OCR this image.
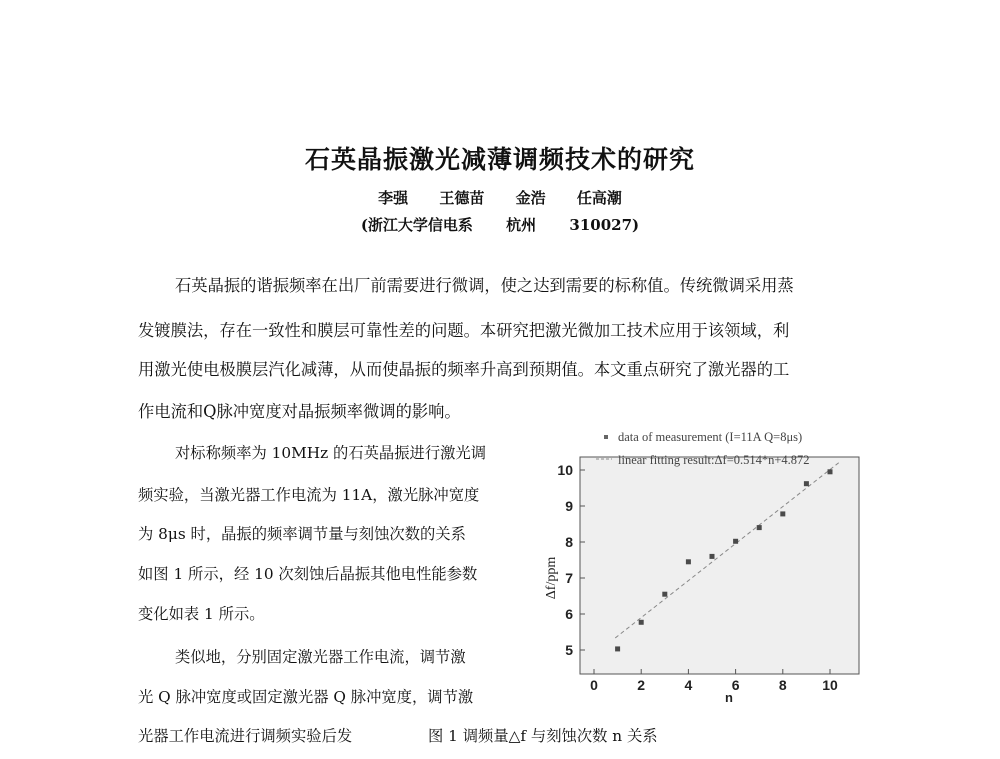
石英晶振激光减薄调频技术的研究
李强 王德苗 金浩 任高潮
(浙江大学信电系 杭州 310027)
石英晶振的谐振频率在出厂前需要进行微调，使之达到需要的标称值。传统微调采用蒸
发镀膜法，存在一致性和膜层可靠性差的问题。本研究把激光微加工技术应用于该领域，利
用激光使电极膜层汽化减薄，从而使晶振的频率升高到预期值。本文重点研究了激光器的工
作电流和Q脉冲宽度对晶振频率微调的影响。
对标称频率为 10MHz 的石英晶振进行激光调
频实验，当激光器工作电流为 11A，激光脉冲宽度
为 8μs 时，晶振的频率调节量与刻蚀次数的关系
如图 1 所示，经 10 次刻蚀后晶振其他电性能参数
变化如表 1 所示。
类似地，分别固定激光器工作电流，调节激
光 Q 脉冲宽度或固定激光器 Q 脉冲宽度，调节激
光器工作电流进行调频实验后发	图 1 调频量△f 与刻蚀次数 n 关系
data of measurement (I=11A Q=8μs)
linear fitting result:Δf=0.514*n+4.872
5
6
7
8
9
10
0	2	4	6	8	10
Δf/ppm
n
